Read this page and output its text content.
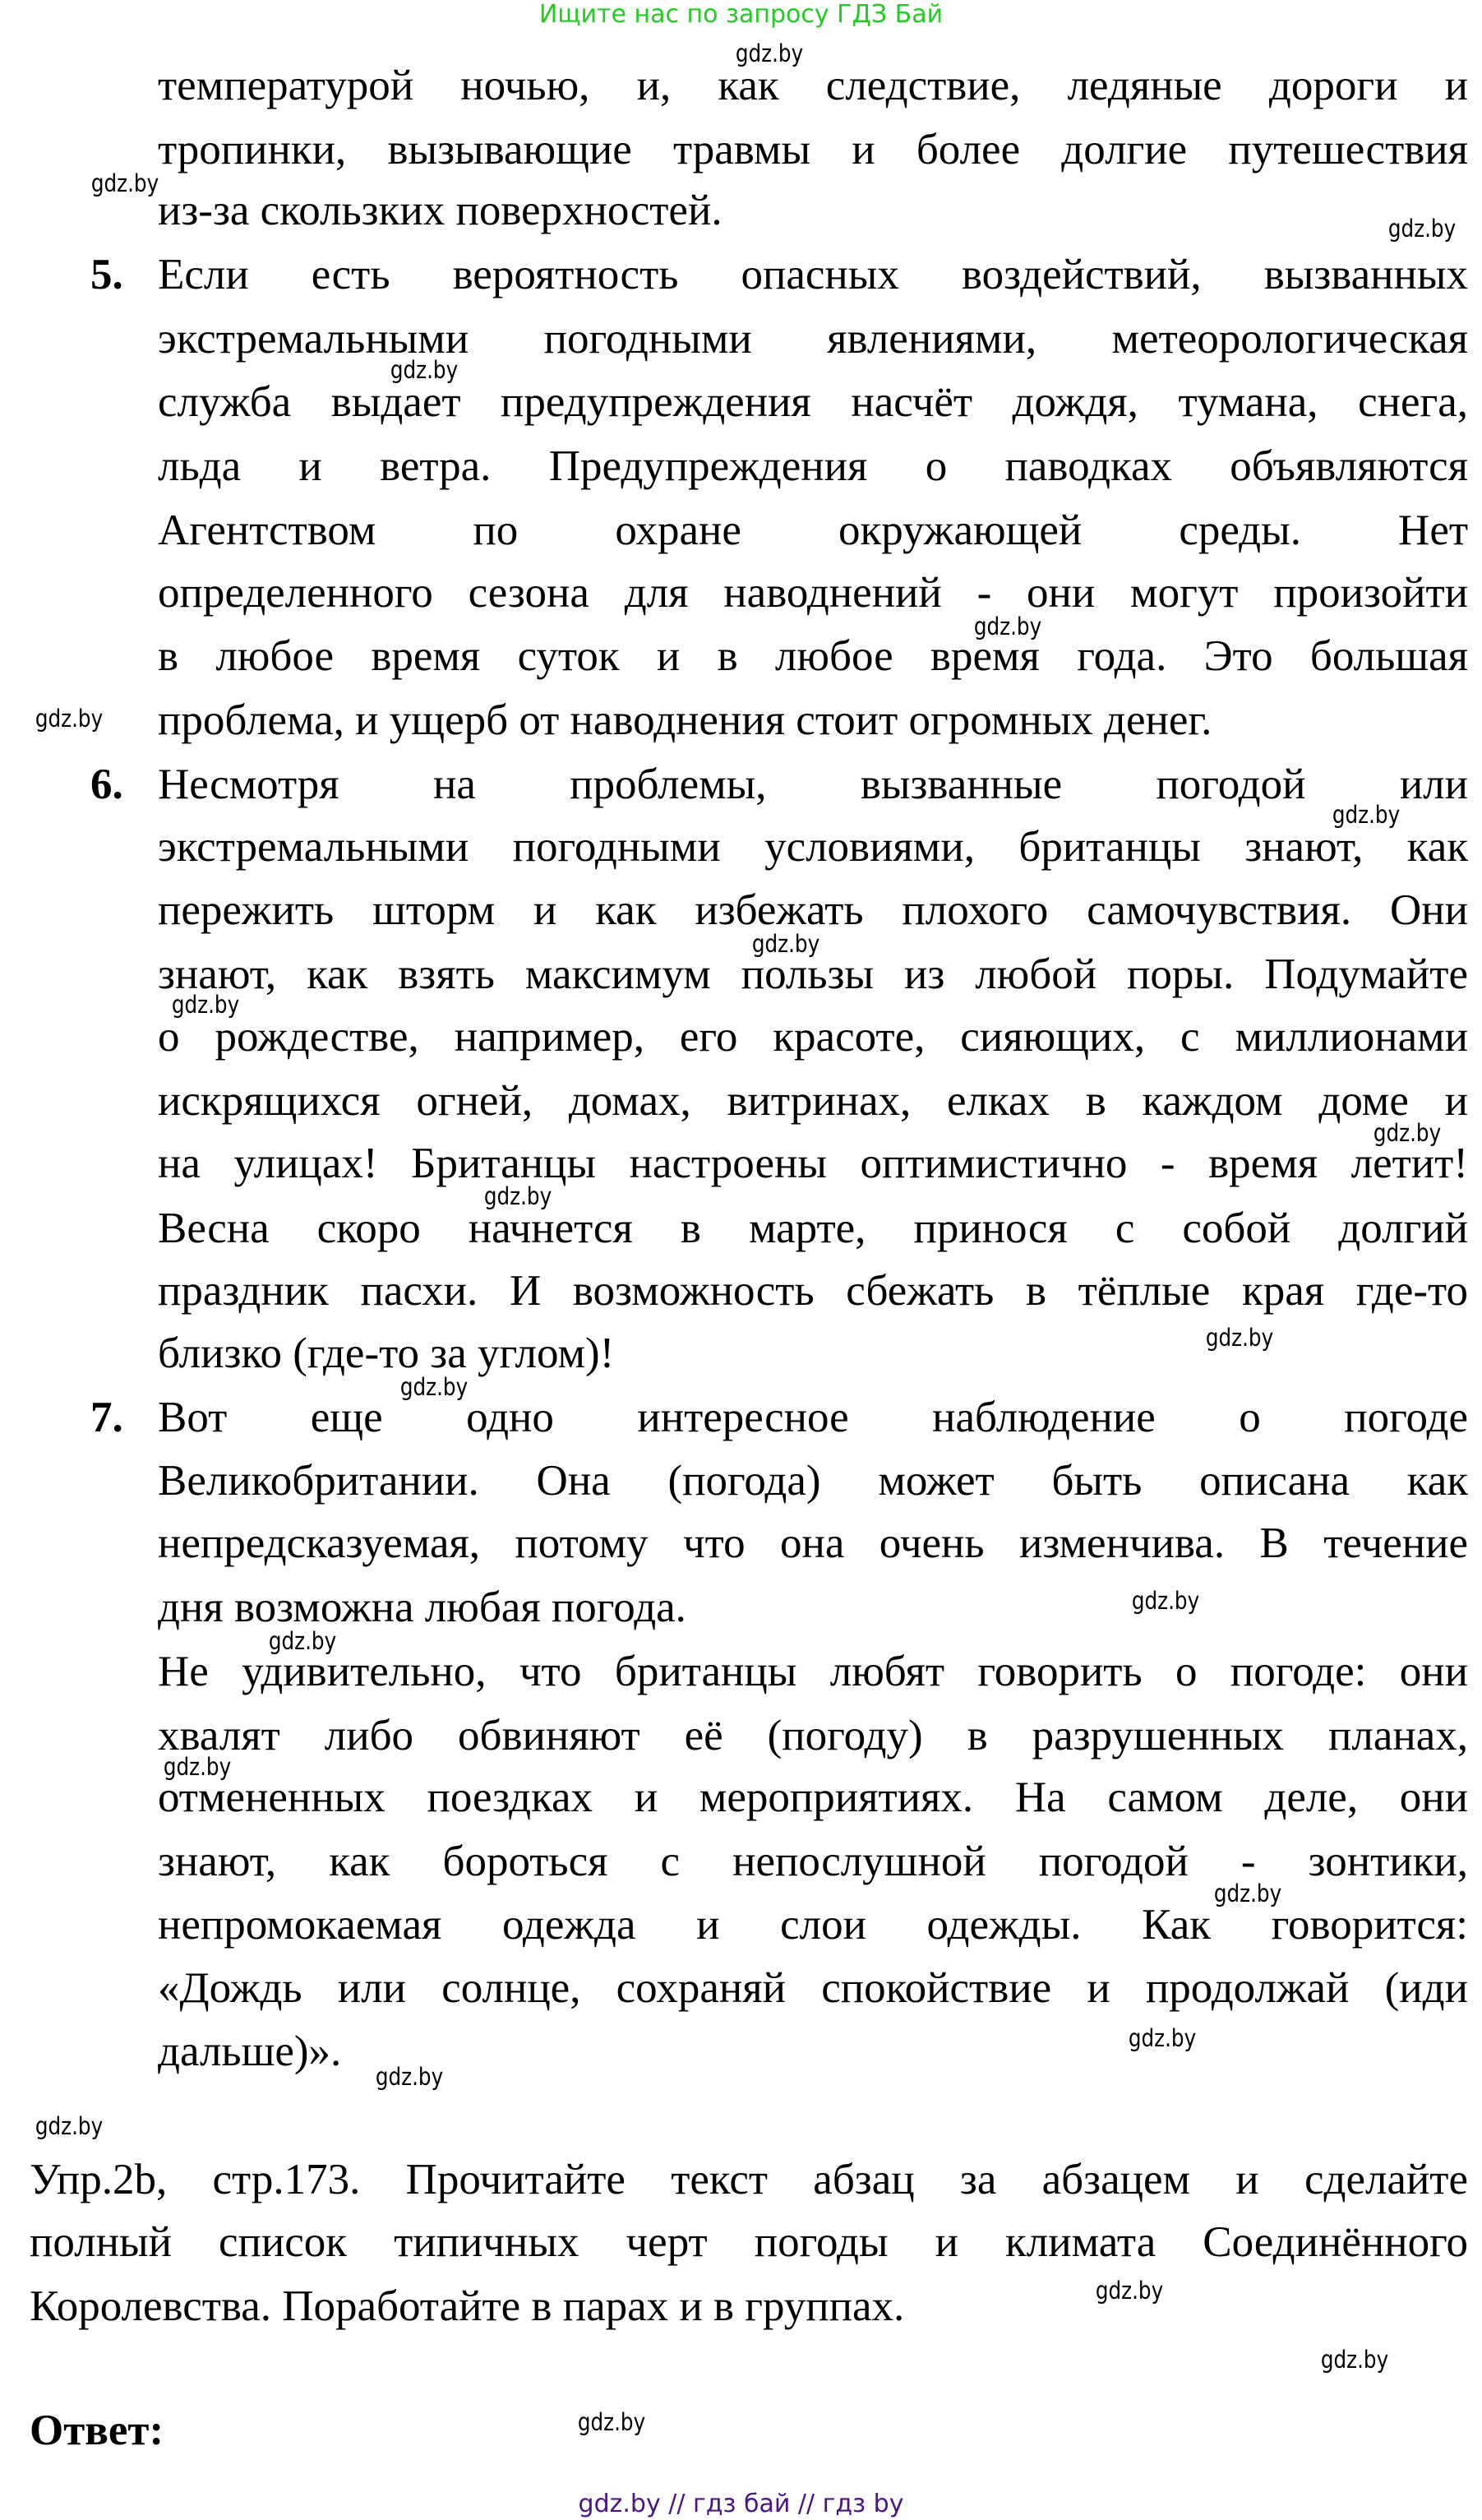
Ищите нас по запросу ГДЗ Бай
температурой ночью, и, как следствие, ледяные дороги и
тропинки, вызывающие травмы и более долгие путешествия
из-за скользких поверхностей.
Если есть вероятность опасных воздействий, вызванных
5.
экстремальными погодными явлениями, метеорологическая
служба выдает предупреждения насчёт дождя, тумана, снега,
льда и ветра. Предупреждения о паводках объявляются
Агентством по охране окружающей среды. Нет
определенного сезона для наводнений - они могут произойти
в любое время суток и в любое время года. Это большая
проблема, и ущерб от наводнения стоит огромных денег.
Несмотря на проблемы, вызванные погодой или
6.
экстремальными погодными условиями, британцы знают, как
пережить шторм и как избежать плохого самочувствия. Они
знают, как взять максимум пользы из любой поры. Подумайте
о рождестве, например, его красоте, сияющих, с миллионами
искрящихся огней, домах, витринах, елках в каждом доме и
на улицах! Британцы настроены оптимистично - время летит!
Весна скоро начнется в марте, принося с собой долгий
праздник пасхи. И возможность сбежать в тёплые края где-то
близко (где-то за углом)!
Вот еще одно интересное наблюдение о погоде
7.
Великобритании. Она (погода) может быть описана как
непредсказуемая, потому что она очень изменчива. В течение
дня возможна любая погода.
Не удивительно, что британцы любят говорить о погоде: они
хвалят либо обвиняют её (погоду) в разрушенных планах,
отмененных поездках и мероприятиях. На самом деле, они
знают, как бороться с непослушной погодой - зонтики,
непромокаемая одежда и слои одежды. Как говорится:
«Дождь или солнце, сохраняй спокойствие и продолжай (иди
дальше)».
Упр.2b, стр.173. Прочитайте текст абзац за абзацем и сделайте
полный список типичных черт погоды и климата Соединённого
Королевства. Поработайте в парах и в группах.
Ответ:
gdz.by
gdz.by
gdz.by
gdz.by
gdz.by
gdz.by
gdz.by
gdz.by
gdz.by
gdz.by
gdz.by
gdz.by
gdz.by
gdz.by
gdz.by
gdz.by
gdz.by
gdz.by
gdz.by
gdz.by
gdz.by
gdz.by
gdz.by
gdz.by // гдз бай // гдз by
